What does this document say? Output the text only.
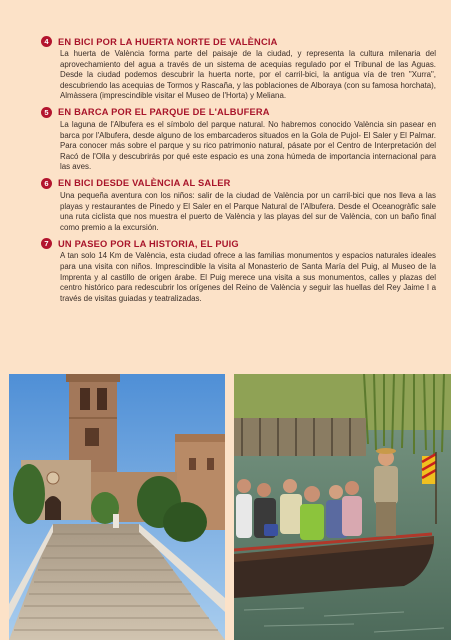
4	EN BICI POR LA HUERTA NORTE DE VALÈNCIA
La huerta de València forma parte del paisaje de la ciudad, y representa la cultura milenaria del aprovechamiento del agua a través de un sistema de acequias regulado por el Tribunal de las Aguas. Desde la ciudad podemos descubrir la huerta norte, por el carril-bici, la antigua vía de tren "Xurra", descubriendo las acequias de Tormos y Rascaña, y las poblaciones de Alboraya (con su famosa horchata), Almàssera (imprescindible visitar el Museo de l'Horta) y Meliana.
5	EN BARCA POR EL PARQUE DE L'ALBUFERA
La laguna de l'Albufera es el símbolo del parque natural. No habremos conocido València sin pasear en barca por l'Albufera, desde alguno de los embarcaderos situados en la Gola de Pujol- El Saler y El Palmar. Para conocer más sobre el parque y su rico patrimonio natural, pásate por el Centro de Interpretación del Racó de l'Olla y descubrirás por qué este espacio es una zona húmeda de importancia internacional para las aves.
6	EN BICI DESDE VALÈNCIA AL SALER
Una pequeña aventura con los niños: salir de la ciudad de València por un carril-bici que nos lleva a las playas y restaurantes de Pinedo y El Saler en el Parque Natural de l'Albufera. Desde el Oceanogràfic sale una ruta ciclista que nos muestra el puerto de València y las playas del sur de València, con un baño final como premio a la excursión.
7	UN PASEO POR LA HISTORIA, EL PUIG
A tan solo 14 Km de València, esta ciudad ofrece a las familias monumentos y espacios naturales ideales para una visita con niños. Imprescindible la visita al Monasterio de Santa María del Puig, al Museo de la Imprenta y al castillo de origen árabe. El Puig merece una visita a sus monumentos, calles y plazas del centro histórico para redescubrir los orígenes del Reino de València y seguir las huellas del Rey Jaime I a través de visitas guiadas y teatralizadas.
